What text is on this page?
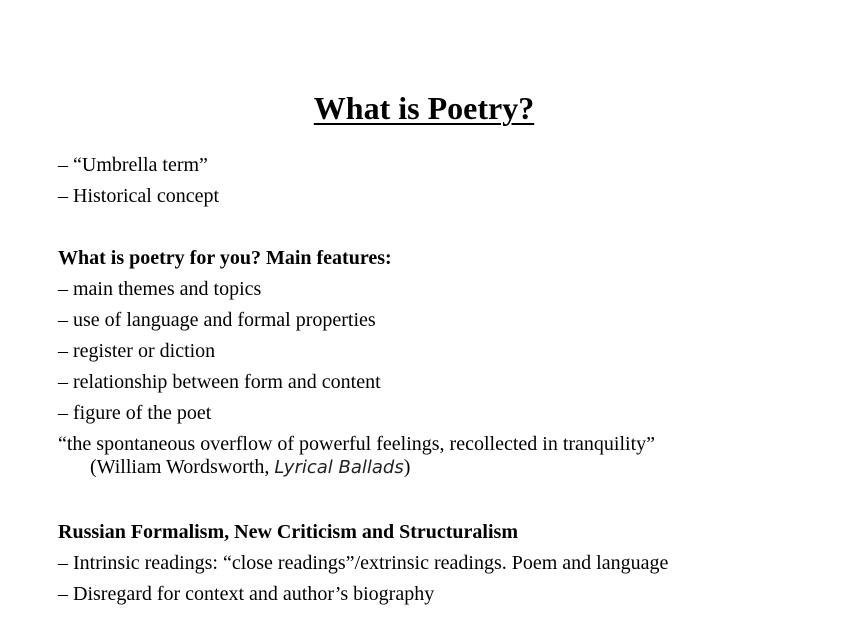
What is Poetry?
– “Umbrella term”
– Historical concept
What is poetry for you? Main features:
– main themes and topics
– use of language and formal properties
– register or diction
– relationship between form and content
– figure of the poet
“the spontaneous overflow of powerful feelings, recollected in tranquility”
(William Wordsworth, Lyrical Ballads)
Russian Formalism, New Criticism and Structuralism
– Intrinsic readings: “close readings”/extrinsic readings. Poem and language
– Disregard for context and author’s biography
